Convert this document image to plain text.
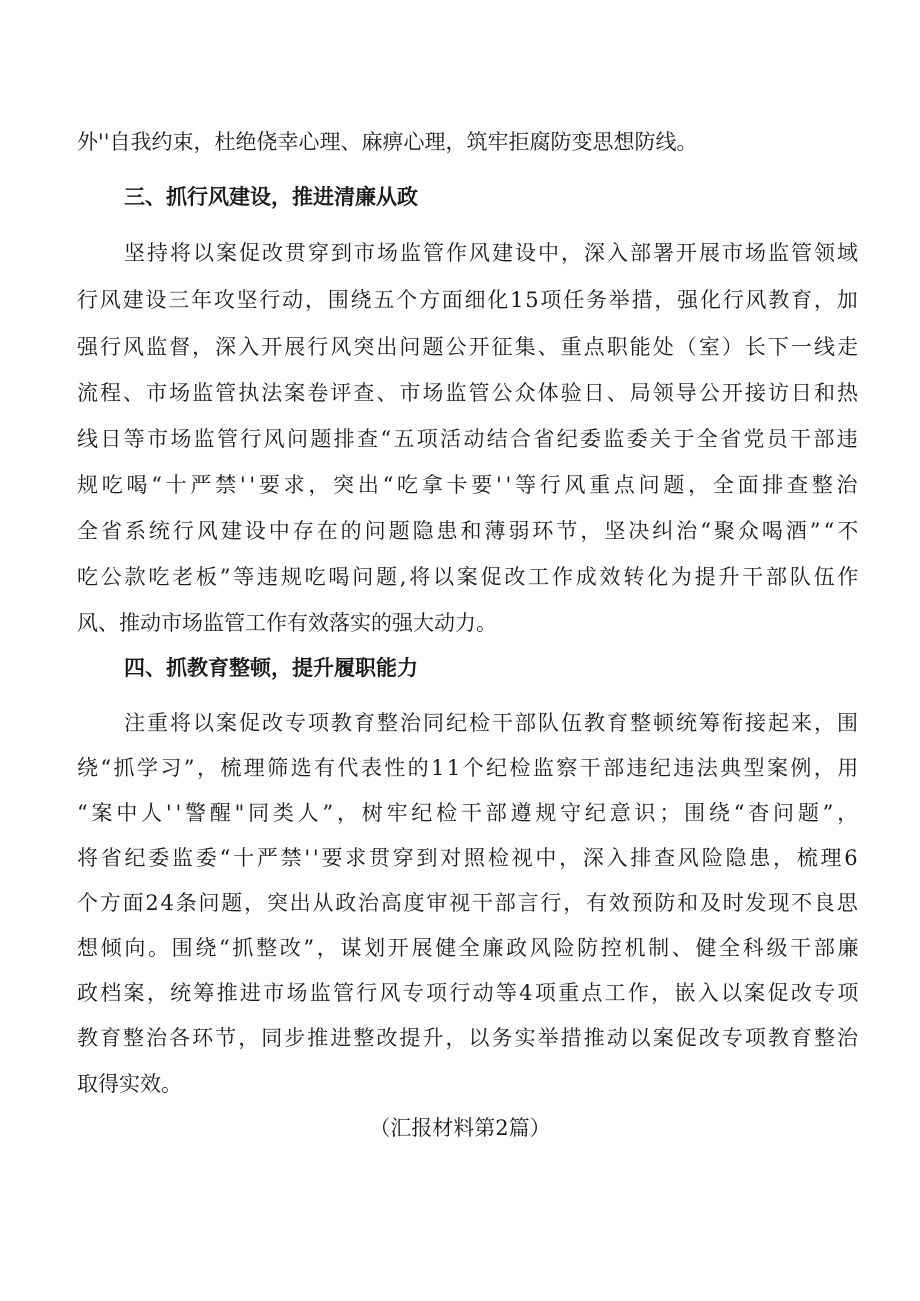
外''自我约束，杜绝侥幸心理、麻痹心理，筑牢拒腐防变思想防线。
三、抓行风建设，推进清廉从政
坚持将以案促改贯穿到市场监管作风建设中，深入部署开展市场监管领域
行风建设三年攻坚行动，围绕五个方面细化15项任务举措，强化行风教育，加
强行风监督，深入开展行风突出问题公开征集、重点职能处（室）长下一线走
流程、市场监管执法案卷评查、市场监管公众体验日、局领导公开接访日和热
线日等市场监管行风问题排查“五项活动结合省纪委监委关于全省党员干部违
规吃喝“十严禁''要求，突出“吃拿卡要''等行风重点问题，全面排查整治
全省系统行风建设中存在的问题隐患和薄弱环节，坚决纠治“聚众喝酒”“不
吃公款吃老板”等违规吃喝问题,将以案促改工作成效转化为提升干部队伍作
风、推动市场监管工作有效落实的强大动力。
四、抓教育整顿，提升履职能力
注重将以案促改专项教育整治同纪检干部队伍教育整顿统筹衔接起来，围
绕“抓学习”，梳理筛选有代表性的11个纪检监察干部违纪违法典型案例，用
“案中人''警醒"同类人”，树牢纪检干部遵规守纪意识；围绕“杳问题”，
将省纪委监委“十严禁''要求贯穿到对照检视中，深入排查风险隐患，梳理6
个方面24条问题，突出从政治高度审视干部言行，有效预防和及时发现不良思
想倾向。围绕“抓整改”，谋划开展健全廉政风险防控机制、健全科级干部廉
政档案，统筹推进市场监管行风专项行动等4项重点工作，嵌入以案促改专项
教育整治各环节，同步推进整改提升，以务实举措推动以案促改专项教育整治
取得实效。
（汇报材料第2篇）
